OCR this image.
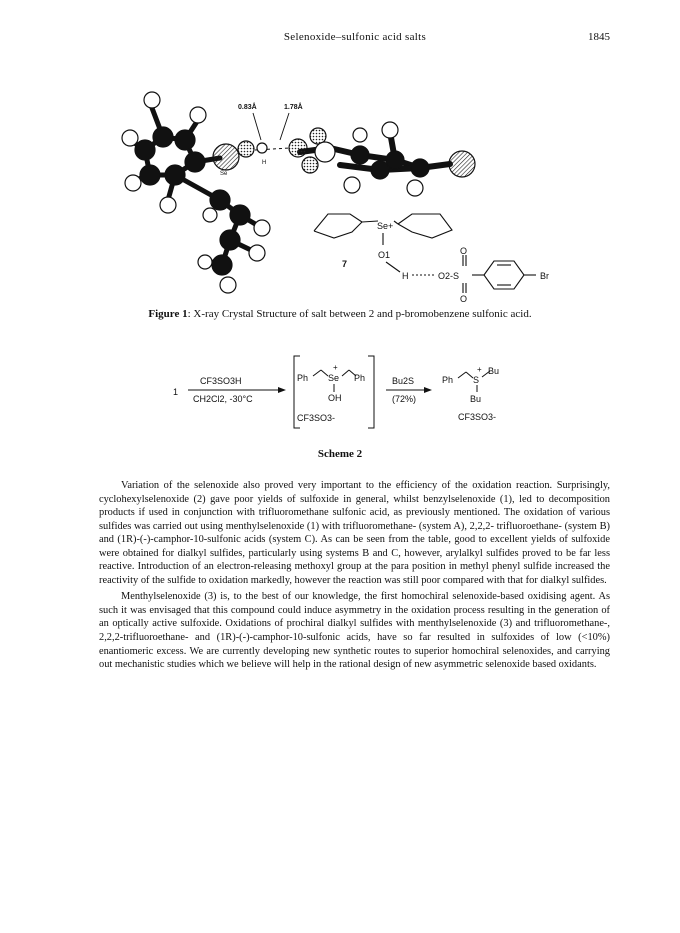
Selenoxide–sulfonic acid salts	1845
0.83Å	1.78Å
H
Se
7
Se+
O1
H	O2-S
O
O
Br
1
CF3SO3H
CH2Cl2, -30°C
Ph Se
+
Ph
OH
CF3SO3-
Bu2S
(72%)
Ph S
+ Bu
Bu
CF3SO3-
Figure 1: X-ray Crystal Structure of salt between 2 and p-bromobenzene sulfonic acid.
Scheme 2

Variation of the selenoxide also proved very important to the efficiency of the oxidation reaction. Surprisingly, cyclohexylselenoxide (2) gave poor yields of sulfoxide in general, whilst benzylselenoxide (1), led to decomposition products if used in conjunction with trifluoromethane sulfonic acid, as previously mentioned. The oxidation of various sulfides was carried out using menthylselenoxide (1) with trifluoromethane- (system A), 2,2,2- trifluoroethane- (system B) and (1R)-(-)-camphor-10-sulfonic acids (system C). As can be seen from the table, good to excellent yields of sulfoxide were obtained for dialkyl sulfides, particularly using systems B and C, however, arylalkyl sulfides proved to be far less reactive. Introduction of an electron-releasing methoxyl group at the para position in methyl phenyl sulfide increased the reactivity of the sulfide to oxidation markedly, however the reaction was still poor compared with that for dialkyl sulfides.

Menthylselenoxide (3) is, to the best of our knowledge, the first homochiral selenoxide-based oxidising agent. As such it was envisaged that this compound could induce asymmetry in the oxidation process resulting in the generation of an optically active sulfoxide. Oxidations of prochiral dialkyl sulfides with menthylselenoxide (3) and trifluoromethane-, 2,2,2-trifluoroethane- and (1R)-(-)-camphor-10-sulfonic acids, have so far resulted in sulfoxides of low (<10%) enantiomeric excess. We are currently developing new synthetic routes to superior homochiral selenoxides, and carrying out mechanistic studies which we believe will help in the rational design of new asymmetric selenoxide based oxidants.
